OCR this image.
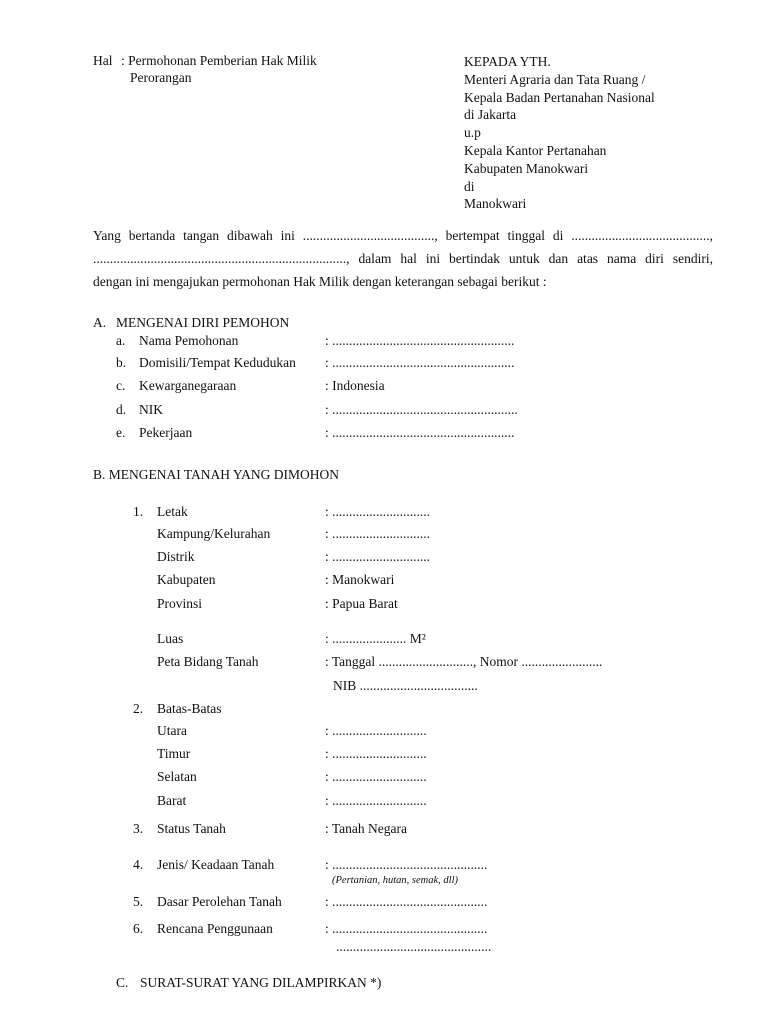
Hal : Permohonan Pemberian Hak Milik
Perorangan
KEPADA YTH.
Menteri Agraria dan Tata Ruang /
Kepala Badan Pertanahan Nasional
di Jakarta
u.p
Kepala Kantor Pertanahan
Kabupaten Manokwari
di
Manokwari
Yang bertanda tangan dibawah ini ......................................., bertempat tinggal di .........................................,
..........................................................................., dalam hal ini bertindak untuk dan atas nama diri sendiri,
dengan ini mengajukan permohonan Hak Milik dengan keterangan sebagai berikut :
A. MENGENAI DIRI PEMOHON
a. Nama Pemohonan	: ......................................................
b. Domisili/Tempat Kedudukan : ......................................................
c. Kewarganegaraan	: Indonesia
d. NIK	: .......................................................
e. Pekerjaan	: ......................................................
B. MENGENAI TANAH YANG DIMOHON
1. Letak	: .............................
Kampung/Kelurahan	: .............................
Distrik	: .............................
Kabupaten	: Manokwari
Provinsi	: Papua Barat
Luas	: ...................... M²
Peta Bidang Tanah	: Tanggal ............................, Nomor ........................
NIB ...................................
2. Batas-Batas
Utara	: ............................
Timur	: ............................
Selatan	: ............................
Barat	: ............................
3. Status Tanah	: Tanah Negara
4. Jenis/ Keadaan Tanah	: ..............................................
(Pertanian, hutan, semak, dll)
5. Dasar Perolehan Tanah	: ..............................................
6. Rencana Penggunaan	: ..............................................
..............................................
C. SURAT-SURAT YANG DILAMPIRKAN *)
